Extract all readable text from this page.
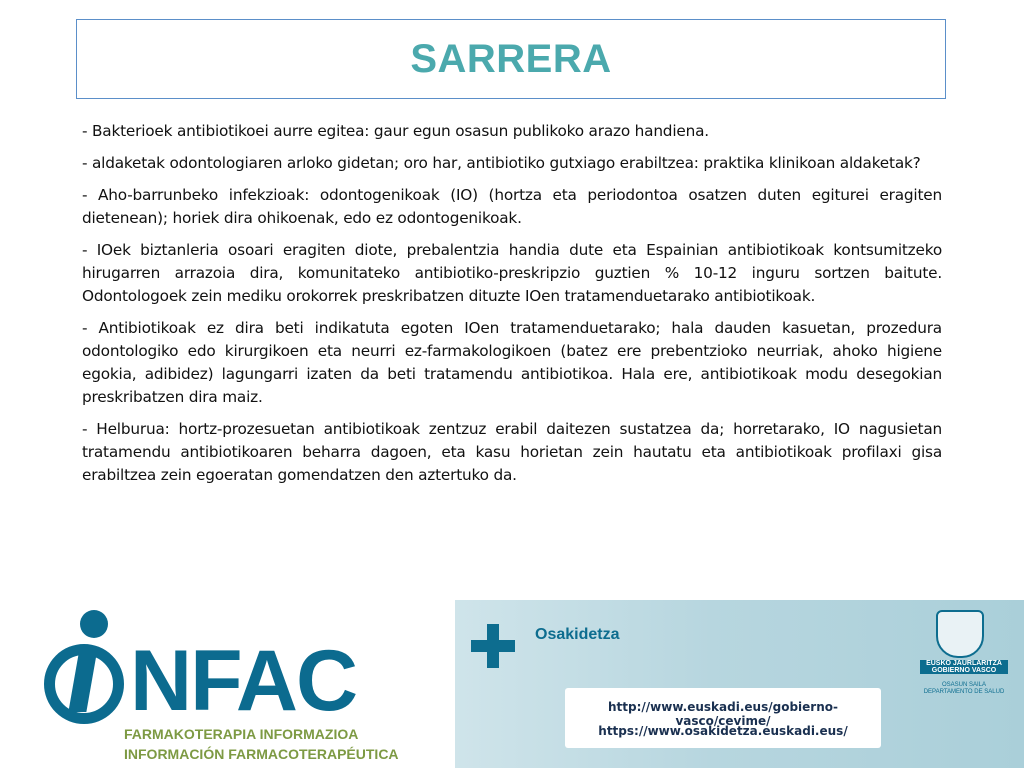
SARRERA

- Bakterioek antibiotikoei aurre egitea: gaur egun osasun publikoko arazo handiena.

- aldaketak odontologiaren arloko gidetan; oro har, antibiotiko gutxiago erabiltzea: praktika klinikoan aldaketak?

- Aho-barrunbeko infekzioak: odontogenikoak (IO) (hortza eta periodontoa osatzen duten egiturei eragiten dietenean); horiek dira ohikoenak, edo ez odontogenikoak.

- IOek biztanleria osoari eragiten diote, prebalentzia handia dute eta Espainian antibiotikoak kontsumitzeko hirugarren arrazoia dira, komunitateko antibiotiko-preskripzio guztien % 10-12 inguru sortzen baitute. Odontologoek zein mediku orokorrek preskribatzen dituzte IOen tratamenduetarako antibiotikoak.

- Antibiotikoak ez dira beti indikatuta egoten IOen tratamenduetarako; hala dauden kasuetan, prozedura odontologiko edo kirurgikoen eta neurri ez-farmakologikoen (batez ere prebentzioko neurriak, ahoko higiene egokia, adibidez) lagungarri izaten da beti tratamendu antibiotikoa. Hala ere, antibiotikoak modu desegokian preskribatzen dira maiz.

- Helburua: hortz-prozesuetan antibiotikoak zentzuz erabil daitezen sustatzea da; horretarako, IO nagusietan tratamendu antibiotikoaren beharra dagoen, eta kasu horietan zein hautatu eta antibiotikoak profilaxi gisa erabiltzea zein egoeratan gomendatzen den aztertuko da.

NFAC
FARMAKOTERAPIA INFORMAZIOA
INFORMACIÓN FARMACOTERAPÉUTICA
Osakidetza
EUSKO JAURLARITZA GOBIERNO VASCO
OSASUN SAILA DEPARTAMENTO DE SALUD
http://www.euskadi.eus/gobierno-vasco/cevime/
https://www.osakidetza.euskadi.eus/
